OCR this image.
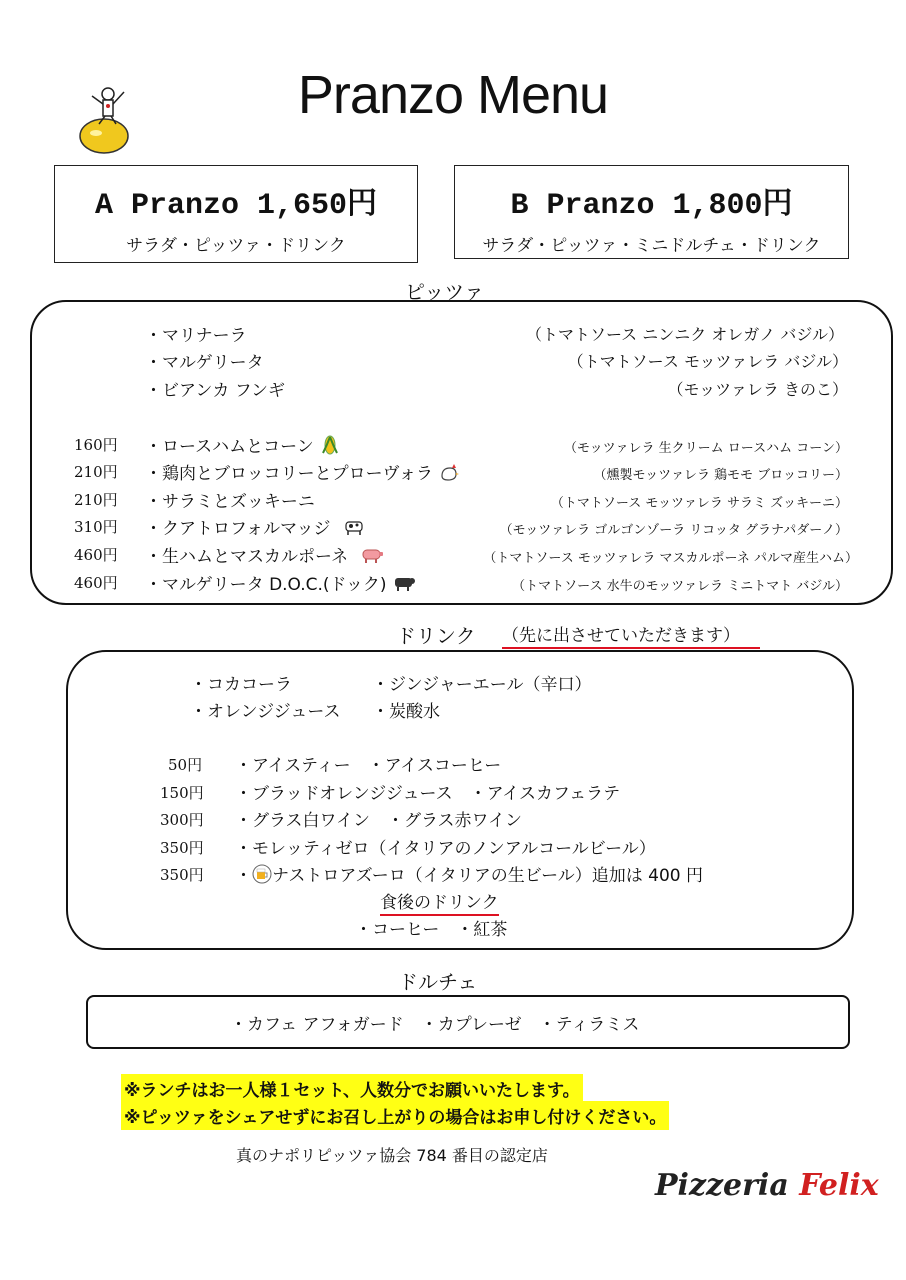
Pranzo Menu
A Pranzo 1,650円
サラダ・ピッツァ・ドリンク
B Pranzo 1,800円
サラダ・ピッツァ・ミニドルチェ・ドリンク
ピッツァ
・マリナーラ	（トマトソース ニンニク オレガノ バジル）
・マルゲリータ	（トマトソース モッツァレラ バジル）
・ビアンカ フンギ	（モッツァレラ きのこ）
160円 ・ロースハムとコーン	（モッツァレラ 生クリーム ロースハム コーン）
210円 ・鶏肉とブロッコリーとプローヴォラ	（燻製モッツァレラ 鶏モモ ブロッコリー）
210円 ・サラミとズッキーニ	（トマトソース モッツァレラ サラミ ズッキーニ）
310円 ・クアトロフォルマッジ	（モッツァレラ ゴルゴンゾーラ リコッタ グラナパダーノ）
460円 ・生ハムとマスカルポーネ	（トマトソース モッツァレラ マスカルポーネ パルマ産生ハム）
460円 ・マルゲリータ D.O.C.(ドック)	（トマトソース 水牛のモッツァレラ ミニトマト バジル）
ドリンク （先に出させていただきます）
・コカコーラ	・ジンジャーエール（辛口）
・オレンジジュース ・炭酸水
50円 ・アイスティー　・アイスコーヒー
150円 ・ブラッドオレンジジュース　・アイスカフェラテ
300円 ・グラス白ワイン　・グラス赤ワイン
350円 ・モレッティゼロ（イタリアのノンアルコールビール）
350円 ・ ナストロアズーロ（イタリアの生ビール）追加は 400 円
食後のドリンク
・コーヒー　・紅茶
ドルチェ
・カフェ アフォガード　・カプレーゼ　・ティラミス
※ランチはお一人様１セット、人数分でお願いいたします。
※ピッツァをシェアせずにお召し上がりの場合はお申し付けください。
真のナポリピッツァ協会 784 番目の認定店
Pizzeria Felix
